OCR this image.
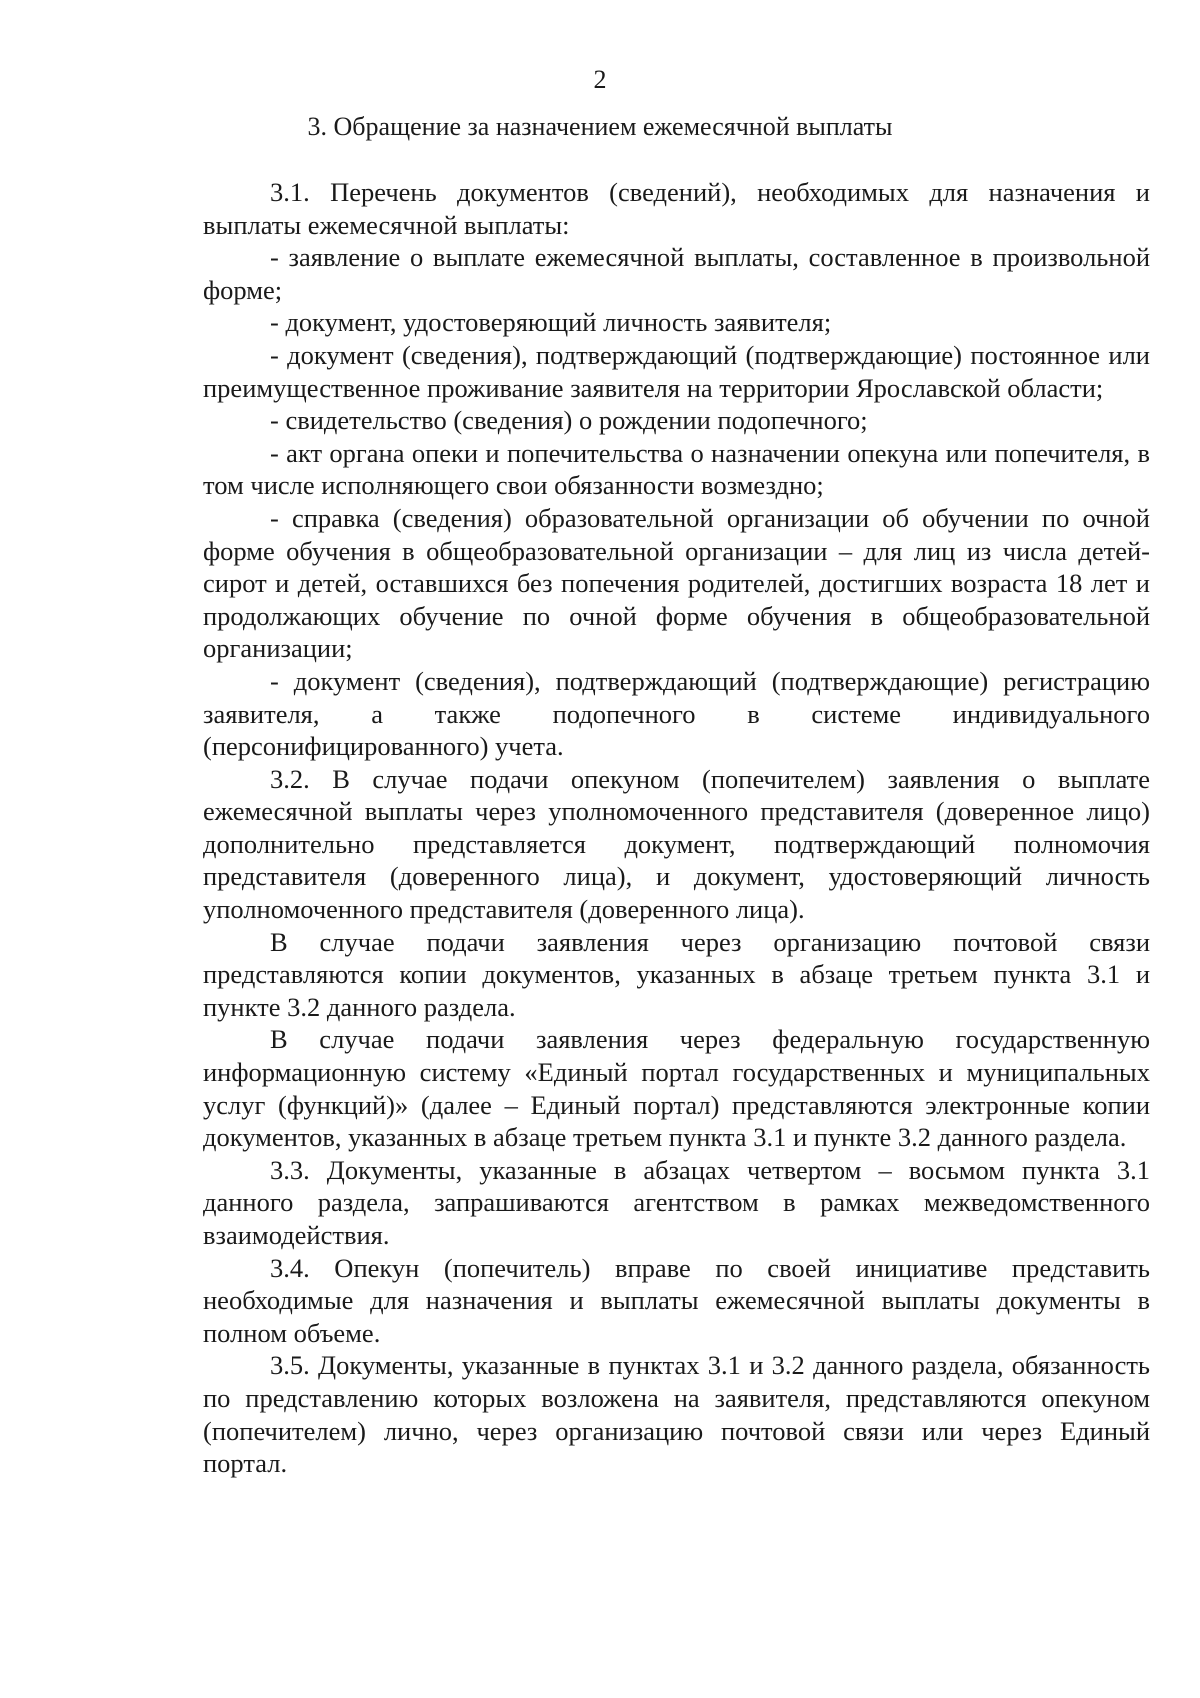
2
3. Обращение за назначением ежемесячной выплаты

3.1. Перечень документов (сведений), необходимых для назначения и выплаты ежемесячной выплаты:

- заявление о выплате ежемесячной выплаты, составленное в произвольной форме;

- документ, удостоверяющий личность заявителя;

- документ (сведения), подтверждающий (подтверждающие) постоянное или преимущественное проживание заявителя на территории Ярославской области;

- свидетельство (сведения) о рождении подопечного;

- акт органа опеки и попечительства о назначении опекуна или попечителя, в том числе исполняющего свои обязанности возмездно;

- справка (сведения) образовательной организации об обучении по очной форме обучения в общеобразовательной организации – для лиц из числа детей-сирот и детей, оставшихся без попечения родителей, достигших возраста 18 лет и продолжающих обучение по очной форме обучения в общеобразовательной организации;

- документ (сведения), подтверждающий (подтверждающие) регистрацию заявителя, а также подопечного в системе индивидуального (персонифицированного) учета.

3.2. В случае подачи опекуном (попечителем) заявления о выплате ежемесячной выплаты через уполномоченного представителя (доверенное лицо) дополнительно представляется документ, подтверждающий полномочия представителя (доверенного лица), и документ, удостоверяющий личность уполномоченного представителя (доверенного лица).

В случае подачи заявления через организацию почтовой связи представляются копии документов, указанных в абзаце третьем пункта 3.1 и пункте 3.2 данного раздела.

В случае подачи заявления через федеральную государственную информационную систему «Единый портал государственных и муниципальных услуг (функций)» (далее – Единый портал) представляются электронные копии документов, указанных в абзаце третьем пункта 3.1 и пункте 3.2 данного раздела.

3.3. Документы, указанные в абзацах четвертом – восьмом пункта 3.1 данного раздела, запрашиваются агентством в рамках межведомственного взаимодействия.

3.4. Опекун (попечитель) вправе по своей инициативе представить необходимые для назначения и выплаты ежемесячной выплаты документы в полном объеме.

3.5. Документы, указанные в пунктах 3.1 и 3.2 данного раздела, обязанность по представлению которых возложена на заявителя, представляются опекуном (попечителем) лично, через организацию почтовой связи или через Единый портал.
